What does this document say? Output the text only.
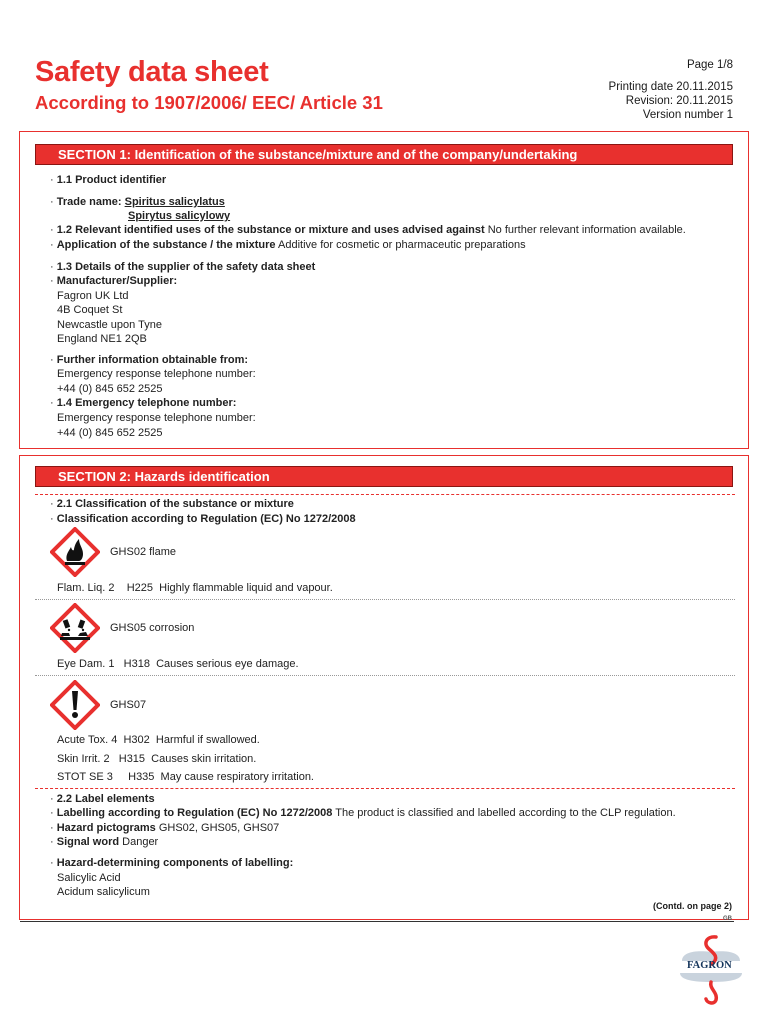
Safety data sheet
According to 1907/2006/ EEC/ Article 31
Page 1/8
Printing date 20.11.2015
Revision: 20.11.2015
Version number 1
SECTION 1: Identification of the substance/mixture and of the company/undertaking
· 1.1 Product identifier
· Trade name: Spiritus salicylatus
Spirytus salicylowy
· 1.2 Relevant identified uses of the substance or mixture and uses advised against No further relevant information available.
· Application of the substance / the mixture Additive for cosmetic or pharmaceutic preparations
· 1.3 Details of the supplier of the safety data sheet
· Manufacturer/Supplier:
Fagron UK Ltd
4B Coquet St
Newcastle upon Tyne
England NE1 2QB
· Further information obtainable from:
Emergency response telephone number:
+44 (0) 845 652 2525
· 1.4 Emergency telephone number:
Emergency response telephone number:
+44 (0) 845 652 2525
SECTION 2: Hazards identification
· 2.1 Classification of the substance or mixture
· Classification according to Regulation (EC) No 1272/2008
GHS02 flame
Flam. Liq. 2 H225 Highly flammable liquid and vapour.
GHS05 corrosion
Eye Dam. 1 H318 Causes serious eye damage.
GHS07
Acute Tox. 4 H302 Harmful if swallowed.
Skin Irrit. 2 H315 Causes skin irritation.
STOT SE 3 H335 May cause respiratory irritation.
· 2.2 Label elements
· Labelling according to Regulation (EC) No 1272/2008 The product is classified and labelled according to the CLP regulation.
· Hazard pictograms GHS02, GHS05, GHS07
· Signal word Danger
· Hazard-determining components of labelling:
Salicylic Acid
Acidum salicylicum
(Contd. on page 2)
GB
FAGRON
